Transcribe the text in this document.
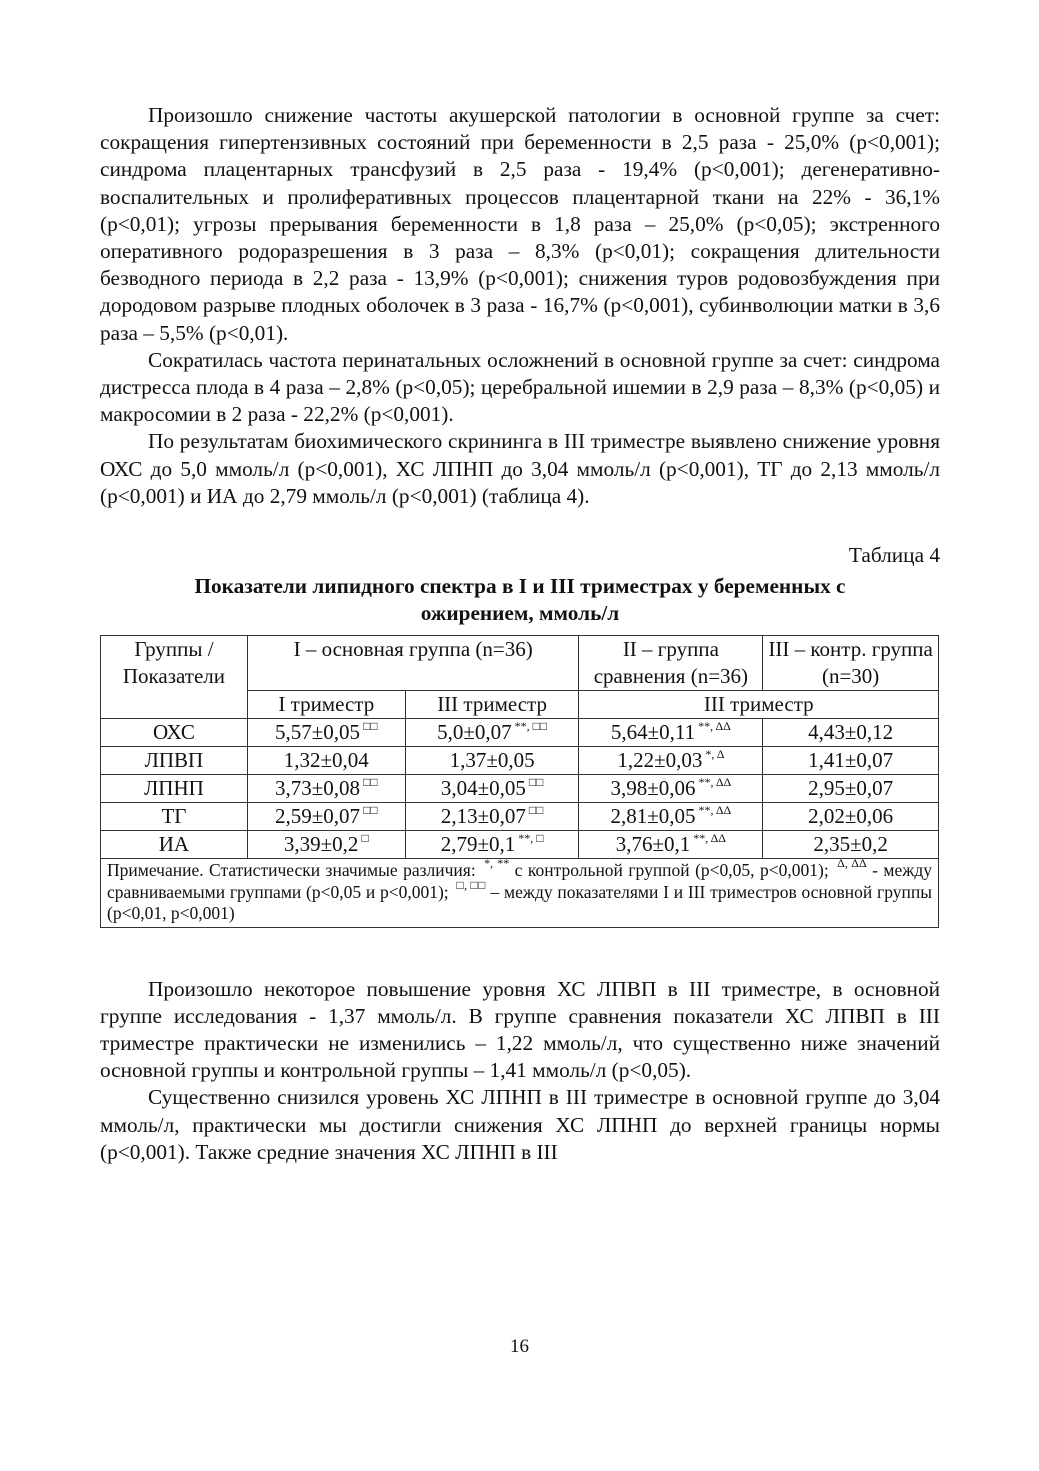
Произошло снижение частоты акушерской патологии в основной группе за счет: сокращения гипертензивных состояний при беременности в 2,5 раза - 25,0% (р<0,001); синдрома плацентарных трансфузий в 2,5 раза - 19,4% (р<0,001); дегенеративно-воспалительных и пролиферативных процессов плацентарной ткани на 22% - 36,1% (р<0,01); угрозы прерывания беременности в 1,8 раза – 25,0% (р<0,05); экстренного оперативного родоразрешения в 3 раза – 8,3% (р<0,01); сокращения длительности безводного периода в 2,2 раза - 13,9% (р<0,001); снижения туров родовозбуждения при дородовом разрыве плодных оболочек в 3 раза - 16,7% (р<0,001), субинволюции матки в 3,6 раза – 5,5% (р<0,01).

Сократилась частота перинатальных осложнений в основной группе за счет: синдрома дистресса плода в 4 раза – 2,8% (р<0,05); церебральной ишемии в 2,9 раза – 8,3% (р<0,05) и макросомии в 2 раза - 22,2% (р<0,001).

По результатам биохимического скрининга в III триместре выявлено снижение уровня ОХС до 5,0 ммоль/л (р<0,001), ХС ЛПНП до 3,04 ммоль/л (р<0,001), ТГ до 2,13 ммоль/л (р<0,001) и ИА до 2,79 ммоль/л (р<0,001) (таблица 4).

Таблица 4
Показатели липидного спектра в I и III триместрах у беременных с ожирением, ммоль/л
Группы / Показатели	I – основная группа (n=36)		II – группа сравнения (n=36)	III – контр. группа (n=30)
	I триместр	III триместр	III триместр	
ОХС	5,57±0,05 □□	5,0±0,07 **, □□	5,64±0,11 $^{**, \Delta\Delta}$	4,43±0,12
ЛПВП	1,32±0,04	1,37±0,05	1,22±0,03 $^{*, \Delta}$	1,41±0,07
ЛПНП	3,73±0,08 □□	3,04±0,05 □□	3,98±0,06 $^{**, \Delta\Delta}$	2,95±0,07
ТГ	2,59±0,07 □□	2,13±0,07 □□	2,81±0,05 $^{**, \Delta\Delta}$	2,02±0,06
ИА	3,39±0,2 □	2,79±0,1 **, □	3,76±0,1 $^{**, \Delta\Delta}$	2,35±0,2
Примечание. Статистически значимые различия: *, ** с контрольной группой (р<0,05, р<0,001); $^{\Delta, \Delta\Delta}$ - между сравниваемыми группами (р<0,05 и р<0,001); □, □□ – между показателями I и III триместров основной группы (р<0,01, р<0,001)				

Произошло некоторое повышение уровня ХС ЛПВП в III триместре, в основной группе исследования - 1,37 ммоль/л. В группе сравнения показатели ХС ЛПВП в III триместре практически не изменились – 1,22 ммоль/л, что существенно ниже значений основной группы и контрольной группы – 1,41 ммоль/л (р<0,05).

Существенно снизился уровень ХС ЛПНП в III триместре в основной группе до 3,04 ммоль/л, практически мы достигли снижения ХС ЛПНП до верхней границы нормы (р<0,001). Также средние значения ХС ЛПНП в III

16
